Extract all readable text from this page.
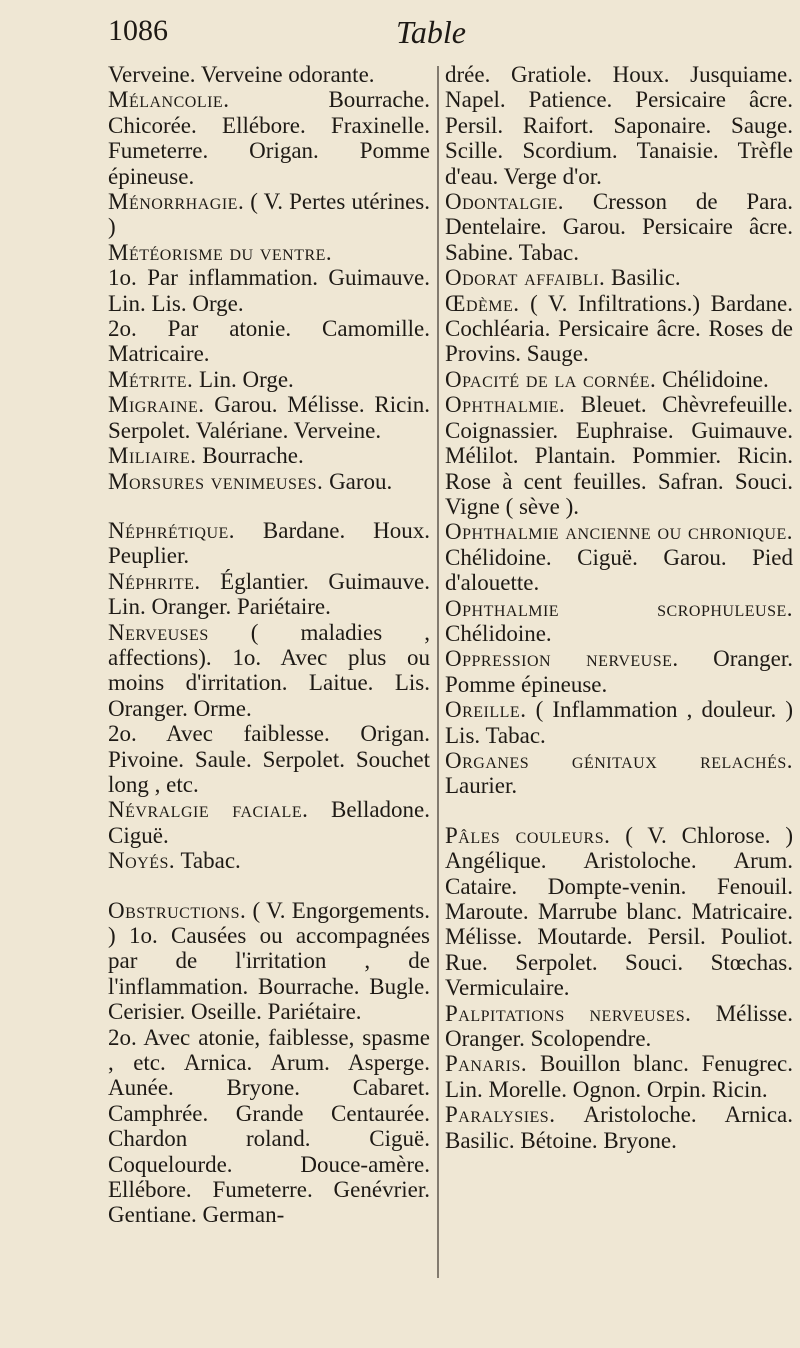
1086	Table

Verveine. Verveine odorante.

Mélancolie. Bourrache. Chicorée. Ellébore. Fraxinelle. Fumeterre. Origan. Pomme épineuse.

Ménorrhagie. ( V. Pertes utérines. )

Météorisme du ventre.

1o. Par inflammation. Guimauve. Lin. Lis. Orge.

2o. Par atonie. Camomille. Matricaire.

Métrite. Lin. Orge.

Migraine. Garou. Mélisse. Ricin. Serpolet. Valériane. Verveine.

Miliaire. Bourrache.

Morsures venimeuses. Garou.

Néphrétique. Bardane. Houx. Peuplier.

Néphrite. Églantier. Guimauve. Lin. Oranger. Pariétaire.

Nerveuses ( maladies , affections). 1o. Avec plus ou moins d'irritation. Laitue. Lis. Oranger. Orme.

2o. Avec faiblesse. Origan. Pivoine. Saule. Serpolet. Souchet long , etc.

Névralgie faciale. Belladone. Ciguë.

Noyés. Tabac.

Obstructions. ( V. Engorgements. ) 1o. Causées ou accompagnées par de l'irritation , de l'inflammation. Bourrache. Bugle. Cerisier. Oseille. Pariétaire.

2o. Avec atonie, faiblesse, spasme , etc. Arnica. Arum. Asperge. Aunée. Bryone. Cabaret. Camphrée. Grande Centaurée. Chardon roland. Ciguë. Coquelourde. Douce-amère. Ellébore. Fumeterre. Genévrier. Gentiane. German-

drée. Gratiole. Houx. Jusquiame. Napel. Patience. Persicaire âcre. Persil. Raifort. Saponaire. Sauge. Scille. Scordium. Tanaisie. Trèfle d'eau. Verge d'or.

Odontalgie. Cresson de Para. Dentelaire. Garou. Persicaire âcre. Sabine. Tabac.

Odorat affaibli. Basilic.

Œdème. ( V. Infiltrations.) Bardane. Cochléaria. Persicaire âcre. Roses de Provins. Sauge.

Opacité de la cornée. Chélidoine.

Ophthalmie. Bleuet. Chèvrefeuille. Coignassier. Euphraise. Guimauve. Mélilot. Plantain. Pommier. Ricin. Rose à cent feuilles. Safran. Souci. Vigne ( sève ).

Ophthalmie ancienne ou chronique. Chélidoine. Ciguë. Garou. Pied d'alouette.

Ophthalmie scrophuleuse. Chélidoine.

Oppression nerveuse. Oranger. Pomme épineuse.

Oreille. ( Inflammation , douleur. ) Lis. Tabac.

Organes génitaux relachés. Laurier.

Pâles couleurs. ( V. Chlorose. ) Angélique. Aristoloche. Arum. Cataire. Dompte-venin. Fenouil. Maroute. Marrube blanc. Matricaire. Mélisse. Moutarde. Persil. Pouliot. Rue. Serpolet. Souci. Stœchas. Vermiculaire.

Palpitations nerveuses. Mélisse. Oranger. Scolopendre.

Panaris. Bouillon blanc. Fenugrec. Lin. Morelle. Ognon. Orpin. Ricin.

Paralysies. Aristoloche. Arnica. Basilic. Bétoine. Bryone.
